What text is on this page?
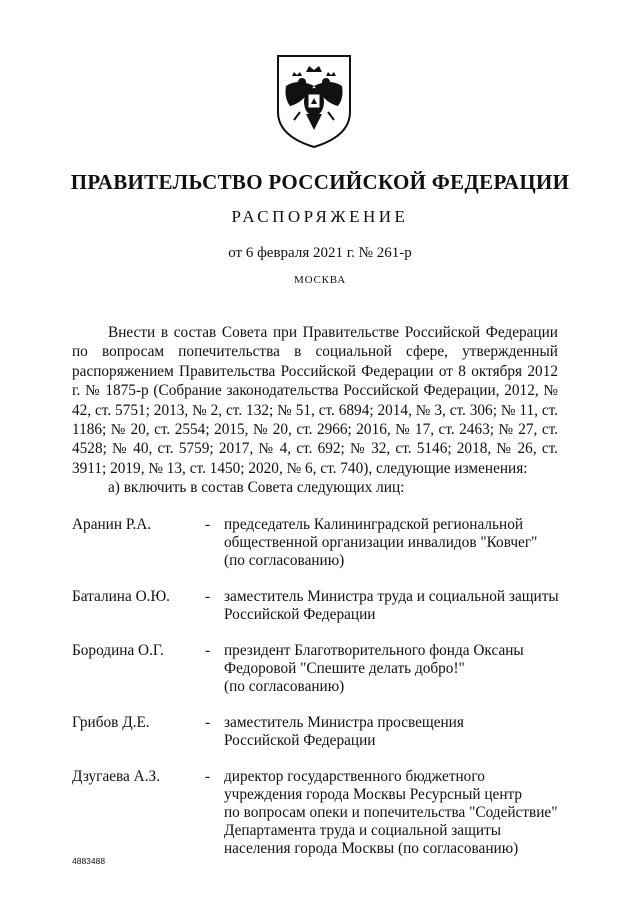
ПРАВИТЕЛЬСТВО РОССИЙСКОЙ ФЕДЕРАЦИИ
РАСПОРЯЖЕНИЕ
от 6 февраля 2021 г. № 261-р
МОСКВА

Внести в состав Совета при Правительстве Российской Федерации по вопросам попечительства в социальной сфере, утвержденный распоряжением Правительства Российской Федерации от 8 октября 2012 г. № 1875-р (Собрание законодательства Российской Федерации, 2012, № 42, ст. 5751; 2013, № 2, ст. 132; № 51, ст. 6894; 2014, № 3, ст. 306; № 11, ст. 1186; № 20, ст. 2554; 2015, № 20, ст. 2966; 2016, № 17, ст. 2463; № 27, ст. 4528; № 40, ст. 5759; 2017, № 4, ст. 692; № 32, ст. 5146; 2018, № 26, ст. 3911; 2019, № 13, ст. 1450; 2020, № 6, ст. 740), следующие изменения:

а) включить в состав Совета следующих лиц:

Аранин Р.А.	- председатель Калининградской региональной
общественной организации инвалидов "Ковчег"
(по согласованию)
Баталина О.Ю. - заместитель Министра труда и социальной защиты
Российской Федерации
Бородина О.Г.	- президент Благотворительного фонда Оксаны
Федоровой "Спешите делать добро!"
(по согласованию)
Грибов Д.Е.	- заместитель Министра просвещения
Российской Федерации
Дзугаева А.З.	- директор государственного бюджетного
учреждения города Москвы Ресурсный центр
по вопросам опеки и попечительства "Содействие"
Департамента труда и социальной защиты
населения города Москвы (по согласованию)
4883488
